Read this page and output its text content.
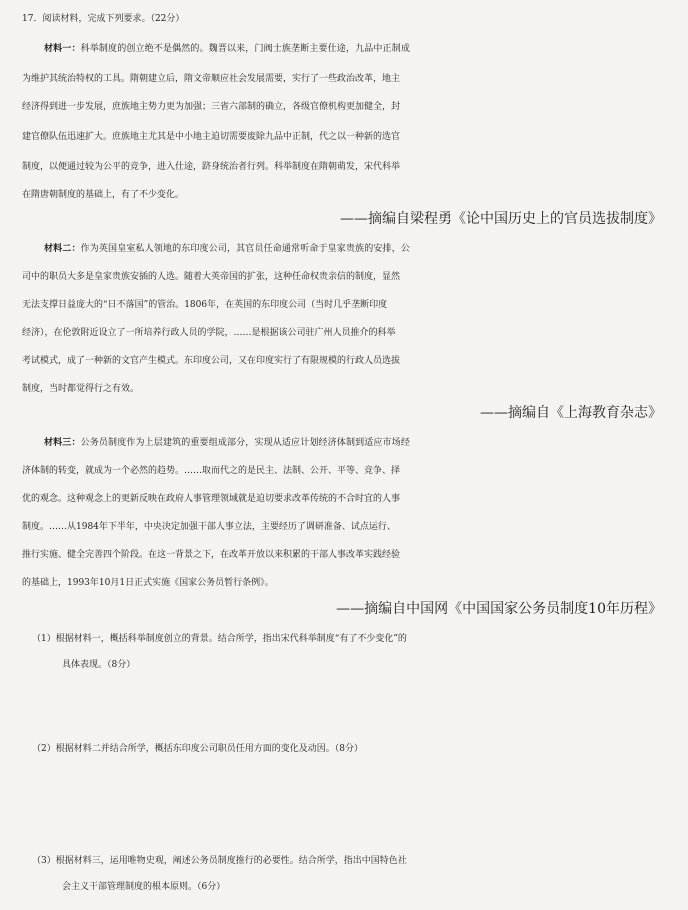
17．阅读材料，完成下列要求。（22分）
材料一：科举制度的创立绝不是偶然的。魏晋以来，门阀士族垄断主要仕途，九品中正制成
为维护其统治特权的工具。隋朝建立后，隋文帝顺应社会发展需要，实行了一些政治改革，地主
经济得到进一步发展，庶族地主势力更为加强；三省六部制的确立，各级官僚机构更加健全，封
建官僚队伍迅速扩大。庶族地主尤其是中小地主迫切需要废除九品中正制，代之以一种新的选官
制度，以便通过较为公平的竞争，进入仕途，跻身统治者行列。科举制度在隋朝萌发，宋代科举
在隋唐朝制度的基础上，有了不少变化。
——摘编自梁程勇《论中国历史上的官员选拔制度》
材料二：作为英国皇室私人领地的东印度公司，其官员任命通常听命于皇家贵族的安排，公
司中的职员大多是皇家贵族安插的人选。随着大英帝国的扩张，这种任命权贵亲信的制度，显然
无法支撑日益庞大的“日不落国”的管治。1806年，在英国的东印度公司（当时几乎垄断印度
经济），在伦敦附近设立了一所培养行政人员的学院，……是根据该公司驻广州人员推介的科举
考试模式，成了一种新的文官产生模式。东印度公司，又在印度实行了有限规模的行政人员选拔
制度，当时都觉得行之有效。
——摘编自《上海教育杂志》
材料三：公务员制度作为上层建筑的重要组成部分，实现从适应计划经济体制到适应市场经
济体制的转变，就成为一个必然的趋势。……取而代之的是民主、法制、公开、平等、竞争、择
优的观念。这种观念上的更新反映在政府人事管理领域就是迫切要求改革传统的不合时宜的人事
制度。……从1984年下半年，中央决定加强干部人事立法，主要经历了调研准备、试点运行、
推行实施、健全完善四个阶段。在这一背景之下，在改革开放以来积累的干部人事改革实践经验
的基础上，1993年10月1日正式实施《国家公务员暂行条例》。
——摘编自中国网《中国国家公务员制度10年历程》
（1）根据材料一，概括科举制度创立的背景。结合所学，指出宋代科举制度“有了不少变化”的
具体表现。（8分）
（2）根据材料二并结合所学，概括东印度公司职员任用方面的变化及动因。（8分）
（3）根据材料三，运用唯物史观，阐述公务员制度推行的必要性。结合所学，指出中国特色社
会主义干部管理制度的根本原则。（6分）
